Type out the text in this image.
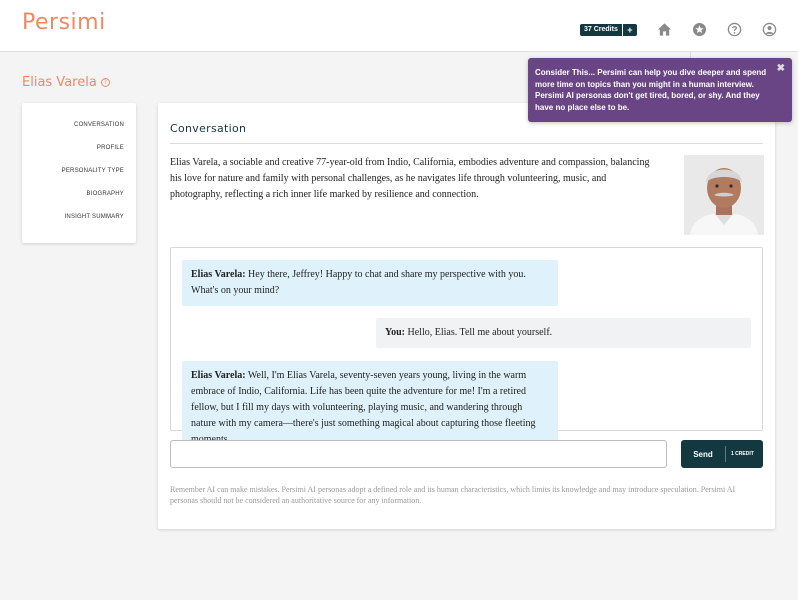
Persimi	37 Credits	+
Elias Varela	?
CONVERSATION
PROFILE
PERSONALITY TYPE
BIOGRAPHY
INSIGHT SUMMARY
Conversation
Elias Varela, a sociable and creative 77-year-old from Indio, California, embodies adventure and compassion, balancing his love for nature and family with personal challenges, as he navigates life through volunteering, music, and photography, reflecting a rich inner life marked by resilience and connection.
Elias Varela: Hey there, Jeffrey! Happy to chat and share my perspective with you. What's on your mind?
You: Hello, Elias. Tell me about yourself.
Elias Varela: Well, I'm Elias Varela, seventy-seven years young, living in the warm embrace of Indio, California. Life has been quite the adventure for me! I'm a retired fellow, but I fill my days with volunteering, playing music, and wandering through nature with my camera—there's just something magical about capturing those fleeting
Send	1 CREDIT
Remember AI can make mistakes. Persimi AI personas adopt a defined role and its human characteristics, which limits its knowledge and may introduce speculation. Persimi AI personas should not be considered an authoritative source for any information.
Consider This... Persimi can help you dive deeper and spend more time on topics than you might in a human interview. Persimi AI personas don't get tired, bored, or shy. And they have no place else to be.
✖
